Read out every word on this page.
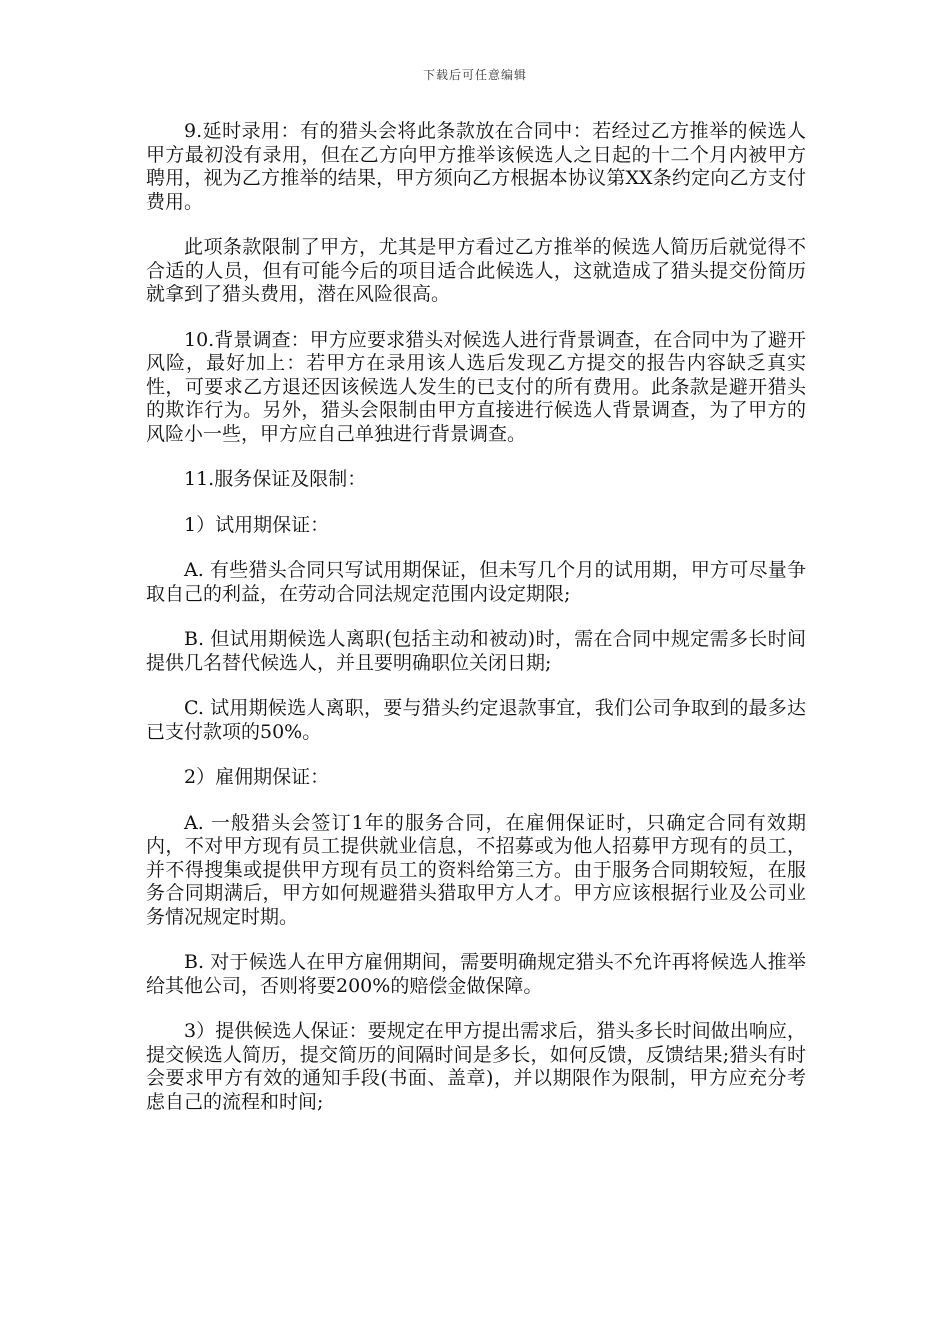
下载后可任意编辑

9.延时录用：有的猎头会将此条款放在合同中：若经过乙方推举的候选人甲方最初没有录用，但在乙方向甲方推举该候选人之日起的十二个月内被甲方聘用，视为乙方推举的结果，甲方须向乙方根据本协议第XX条约定向乙方支付费用。

此项条款限制了甲方，尤其是甲方看过乙方推举的候选人简历后就觉得不合适的人员，但有可能今后的项目适合此候选人，这就造成了猎头提交份简历就拿到了猎头费用，潜在风险很高。

10.背景调查：甲方应要求猎头对候选人进行背景调查，在合同中为了避开风险，最好加上：若甲方在录用该人选后发现乙方提交的报告内容缺乏真实性，可要求乙方退还因该候选人发生的已支付的所有费用。此条款是避开猎头的欺诈行为。另外，猎头会限制由甲方直接进行候选人背景调查，为了甲方的风险小一些，甲方应自己单独进行背景调查。

11.服务保证及限制：

1）试用期保证：

A. 有些猎头合同只写试用期保证，但未写几个月的试用期，甲方可尽量争取自己的利益，在劳动合同法规定范围内设定期限;

B. 但试用期候选人离职(包括主动和被动)时，需在合同中规定需多长时间提供几名替代候选人，并且要明确职位关闭日期;

C. 试用期候选人离职，要与猎头约定退款事宜，我们公司争取到的最多达已支付款项的50%。

2）雇佣期保证：

A. 一般猎头会签订1年的服务合同，在雇佣保证时，只确定合同有效期内，不对甲方现有员工提供就业信息，不招募或为他人招募甲方现有的员工，并不得搜集或提供甲方现有员工的资料给第三方。由于服务合同期较短，在服务合同期满后，甲方如何规避猎头猎取甲方人才。甲方应该根据行业及公司业务情况规定时期。

B. 对于候选人在甲方雇佣期间，需要明确规定猎头不允许再将候选人推举给其他公司，否则将要200%的赔偿金做保障。

3）提供候选人保证：要规定在甲方提出需求后，猎头多长时间做出响应，提交候选人简历，提交简历的间隔时间是多长，如何反馈，反馈结果;猎头有时会要求甲方有效的通知手段(书面、盖章)，并以期限作为限制，甲方应充分考虑自己的流程和时间;
